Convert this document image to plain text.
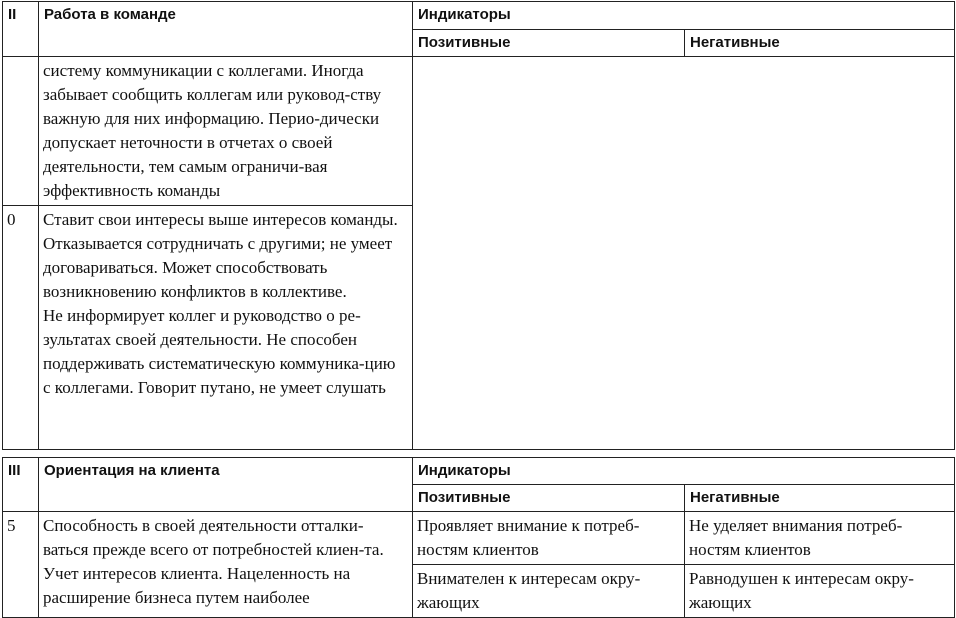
II	Работа в команде	Индикаторы	
		Позитивные	Негативные
	систему коммуникации с коллегами. Иногда забывает сообщить коллегам или руковод-ству важную для них информацию. Перио-дически допускает неточности в отчетах о своей деятельности, тем самым ограничи-вая эффективность команды		
0	Ставит свои интересы выше интересов команды. Отказывается сотрудничать с другими; не умеет договариваться. Может способствовать возникновению конфликтов в коллективе.

Не информирует коллег и руководство о ре-зультатах своей деятельности. Не способен поддерживать систематическую коммуника-цию с коллегами. Говорит путано, не умеет слушать		

III	Ориентация на клиента	Индикаторы	
		Позитивные	Негативные
5	Способность в своей деятельности отталки-ваться прежде всего от потребностей клиен-та. Учет интересов клиента. Нацеленность на расширение бизнеса путем наиболее	Проявляет внимание к потреб-ностям клиентов	Не уделяет внимания потреб-ностям клиентов
		Внимателен к интересам окру-жающих	Равнодушен к интересам окру-жающих
